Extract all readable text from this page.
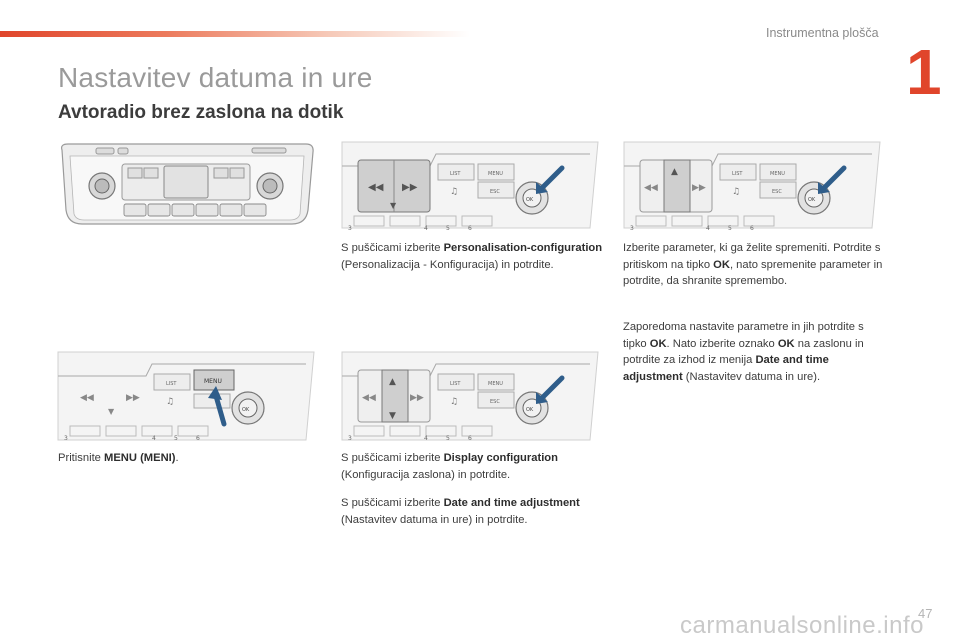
Instrumentna plošča
1
Nastavitev datuma in ure
Avtoradio brez zaslona na dotik
◀◀ ▶▶
▼
LIST	MENU
ESC
♫
OK
3	4	5	6
▲
◀◀	▶▶
LIST	MENU
ESC
♫
OK
3	4	5	6
◀◀	▶▶
▼
LIST	MENU
♫
OK
3	4	5	6
▲
▼
◀◀	▶▶
LIST	MENU
ESC
♫
OK
3	4	5	6

S puščicami izberite Personalisation-configuration (Personalizacija - Konfiguracija) in potrdite.

Izberite parameter, ki ga želite spremeniti. Potrdite s pritiskom na tipko OK, nato spremenite parameter in potrdite, da shranite spremembo.

Zaporedoma nastavite parametre in jih potrdite s tipko OK. Nato izberite oznako OK na zaslonu in potrdite za izhod iz menija Date and time adjustment (Nastavitev datuma in ure).

Pritisnite MENU (MENI).	S puščicami izberite Display configuration (Konfiguracija zaslona) in potrdite.

S puščicami izberite Date and time adjustment (Nastavitev datuma in ure) in potrdite.

carmanualsonline.info
47
